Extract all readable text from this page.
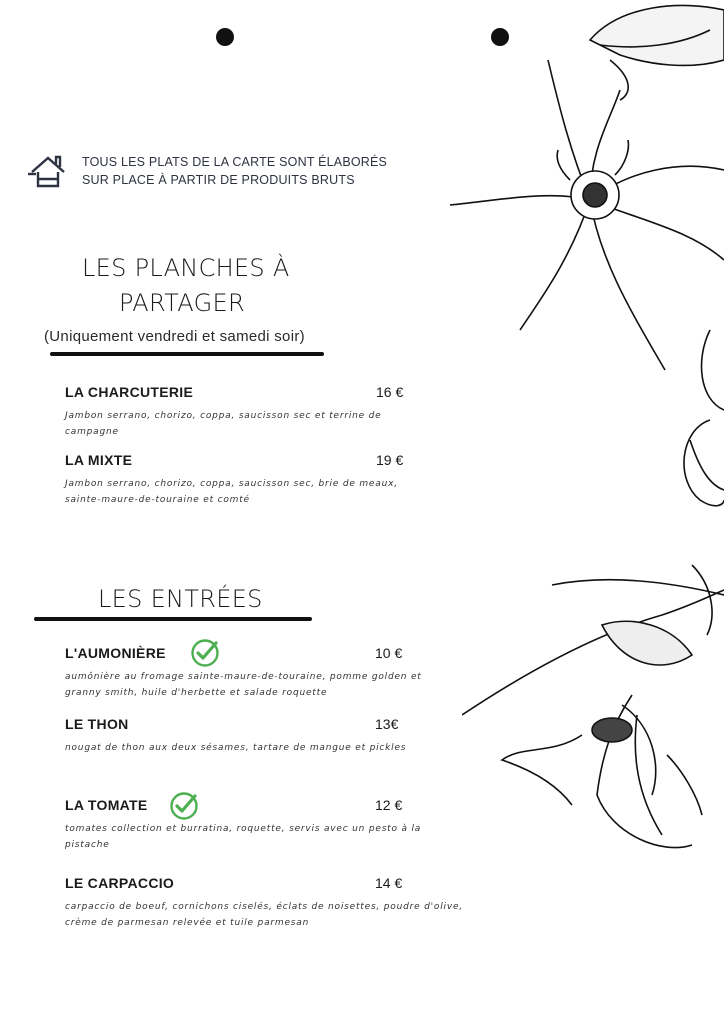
TOUS LES PLATS DE LA CARTE SONT ÉLABORÉS
SUR PLACE À PARTIR DE PRODUITS BRUTS
LES PLANCHES À
PARTAGER
(Uniquement vendredi et samedi soir)
LA CHARCUTERIE	16 €
Jambon serrano, chorizo, coppa, saucisson sec et terrine de campagne
LA MIXTE	19 €
Jambon serrano, chorizo, coppa, saucisson sec, brie de meaux, sainte-maure-de-touraine et comté
LES ENTRÉES
L'AUMONIÈRE	10 €
aumônière au fromage sainte-maure-de-touraine, pomme golden et granny smith, huile d'herbette et salade roquette
LE THON	13€
nougat de thon aux deux sésames, tartare de mangue et pickles
LA TOMATE	12 €
tomates collection et burratina, roquette, servis avec un pesto à la pistache
LE CARPACCIO	14 €
carpaccio de boeuf, cornichons ciselés, éclats de noisettes, poudre d'olive, crème de parmesan relevée et tuile parmesan
